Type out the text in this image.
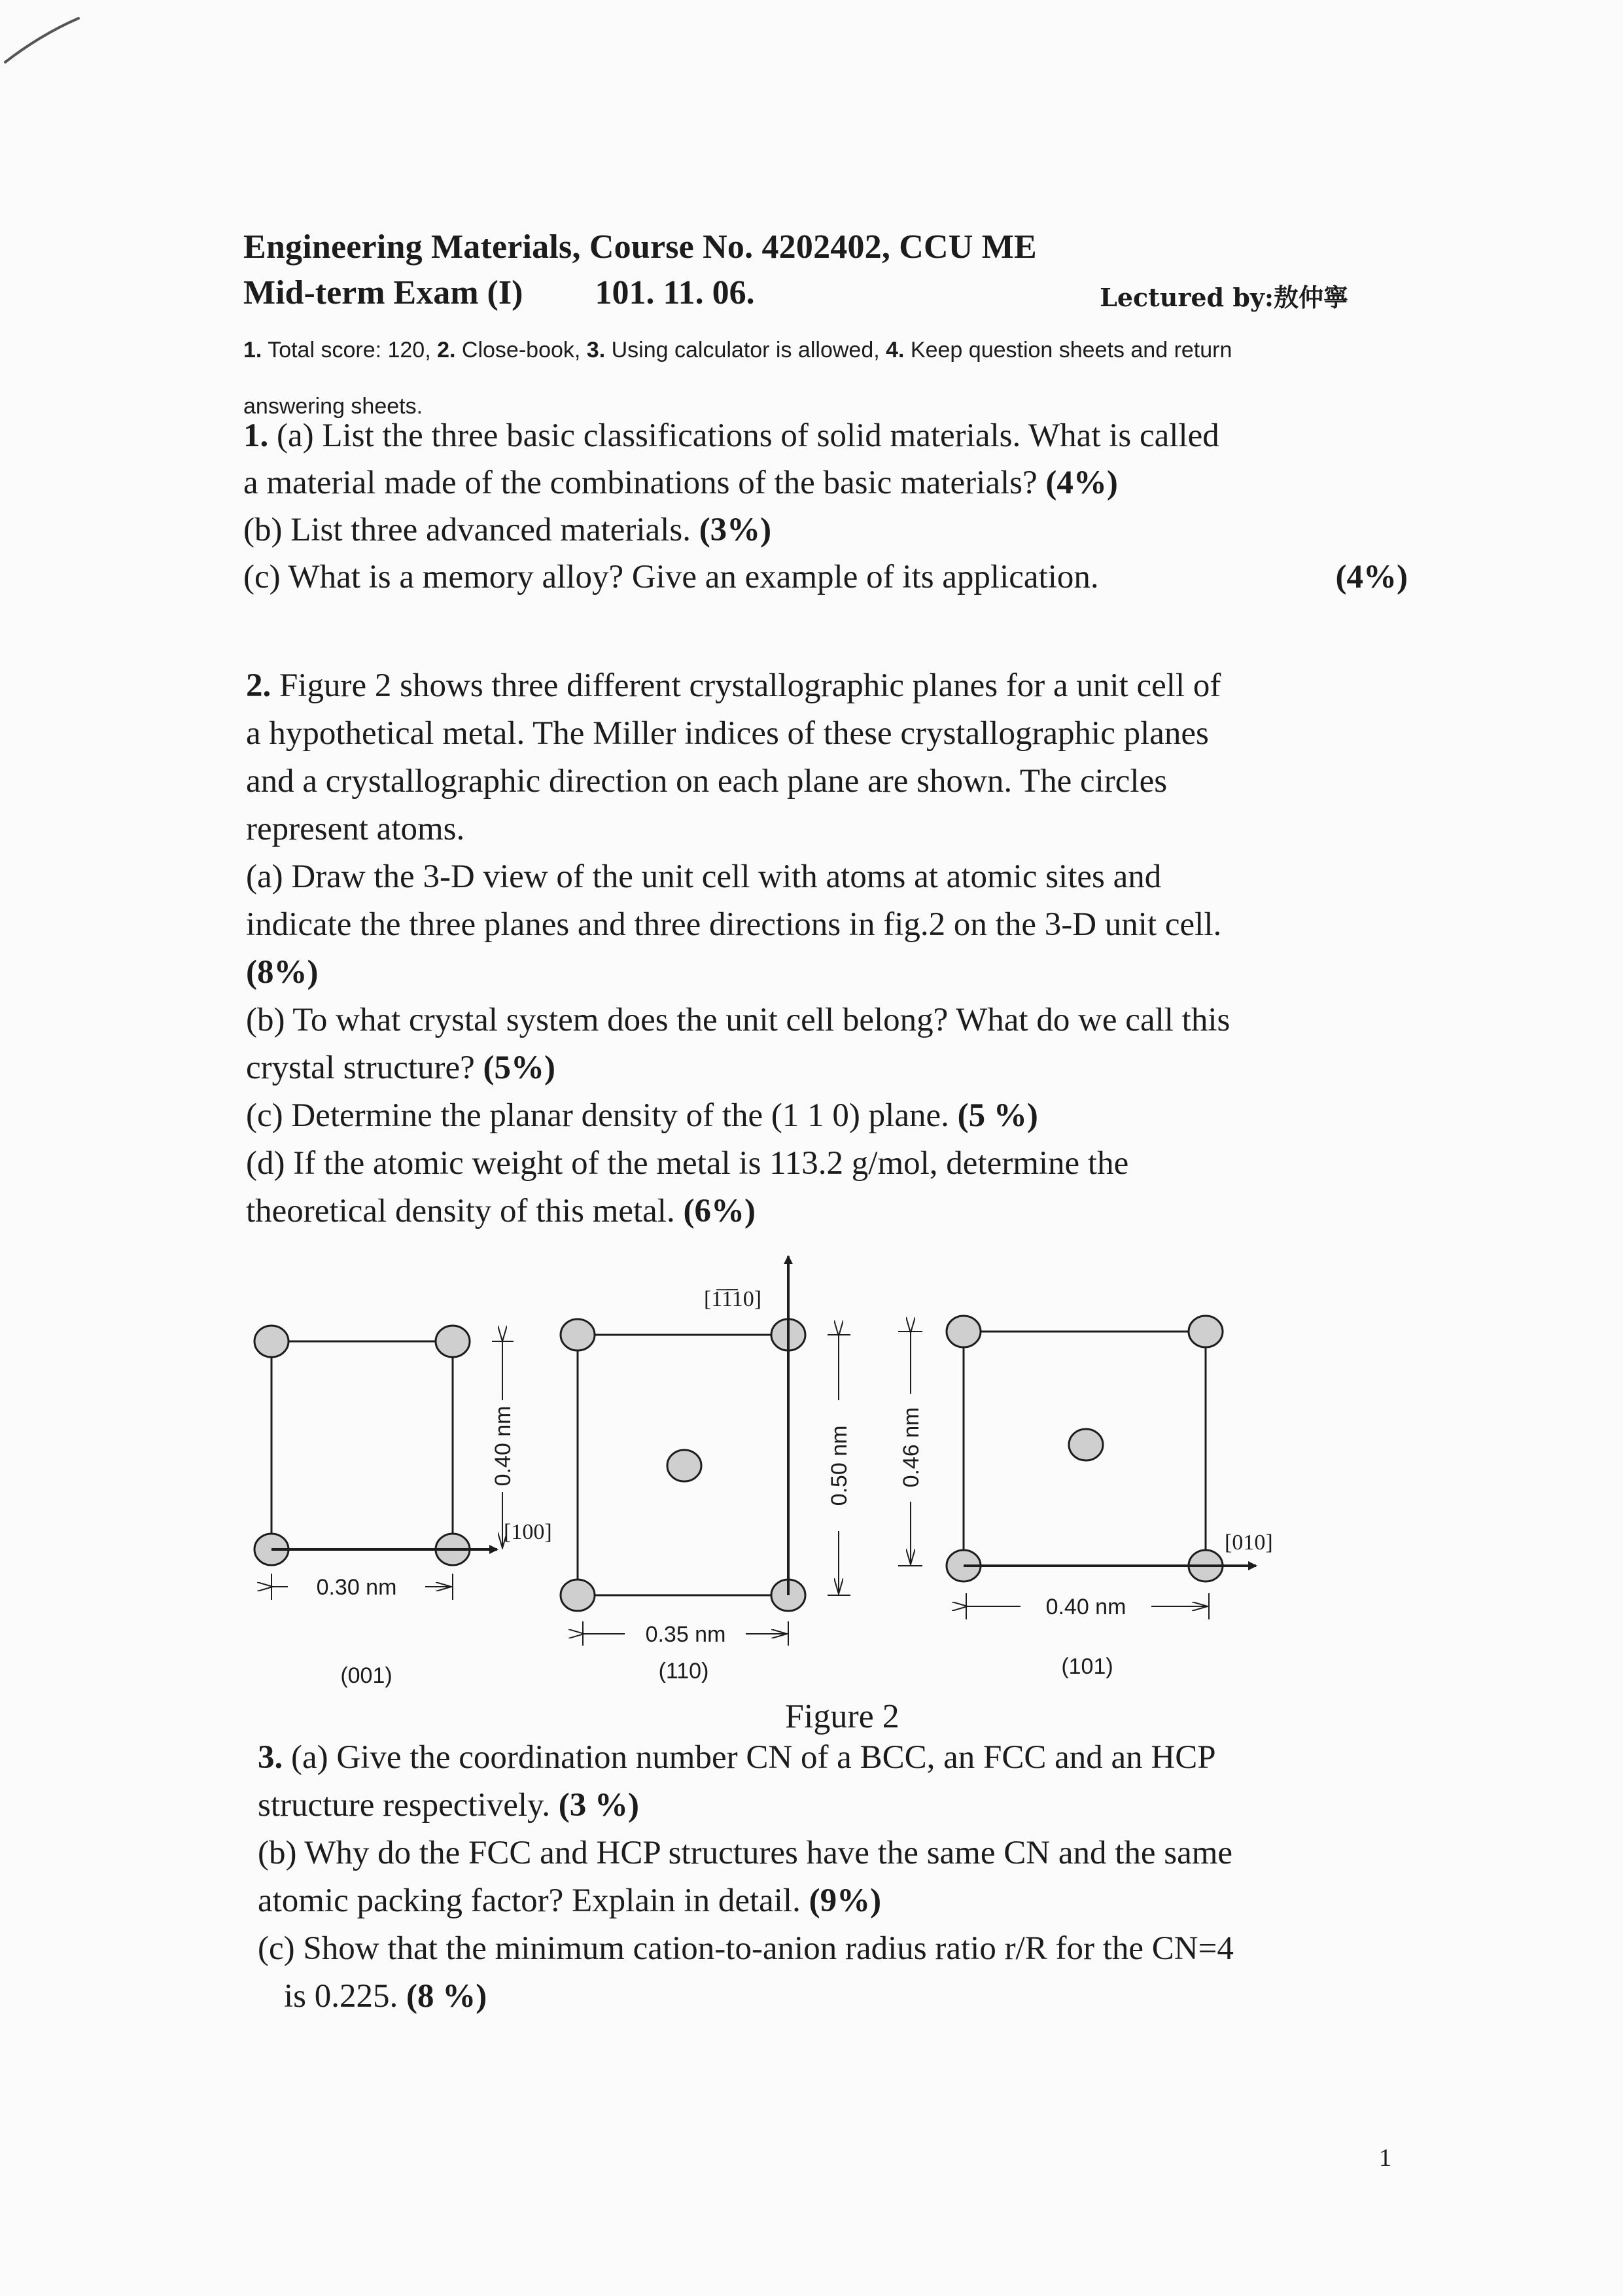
Engineering Materials, Course No. 4202402, CCU ME
Mid-term Exam (I) 101. 11. 06.	Lectured by:敖仲寧
1. Total score: 120, 2. Close-book, 3. Using calculator is allowed, 4. Keep question sheets and return
answering sheets.
1. (a) List the three basic classifications of solid materials. What is called
a material made of the combinations of the basic materials? (4%)
(b) List three advanced materials. (3%)
(c) What is a memory alloy? Give an example of its application.	(4%)
2. Figure 2 shows three different crystallographic planes for a unit cell of
a hypothetical metal. The Miller indices of these crystallographic planes
and a crystallographic direction on each plane are shown. The circles
represent atoms.
(a) Draw the 3-D view of the unit cell with atoms at atomic sites and
indicate the three planes and three directions in fig.2 on the 3-D unit cell.
(8%)
(b) To what crystal system does the unit cell belong? What do we call this
crystal structure? (5%)
(c) Determine the planar density of the (1 1 0) plane. (5 %)
(d) If the atomic weight of the metal is 113.2 g/mol, determine the
theoretical density of this metal. (6%)
[100]
0.40 nm
0.30 nm
(001)
[1̅1̅̅10]
0.50 nm
0.35 nm
(110)
[010]
0.46 nm
0.40 nm
(101)
Figure 2
3. (a) Give the coordination number CN of a BCC, an FCC and an HCP
structure respectively. (3 %)
(b) Why do the FCC and HCP structures have the same CN and the same
atomic packing factor? Explain in detail. (9%)
(c) Show that the minimum cation-to-anion radius ratio r/R for the CN=4
is 0.225. (8 %)
1
